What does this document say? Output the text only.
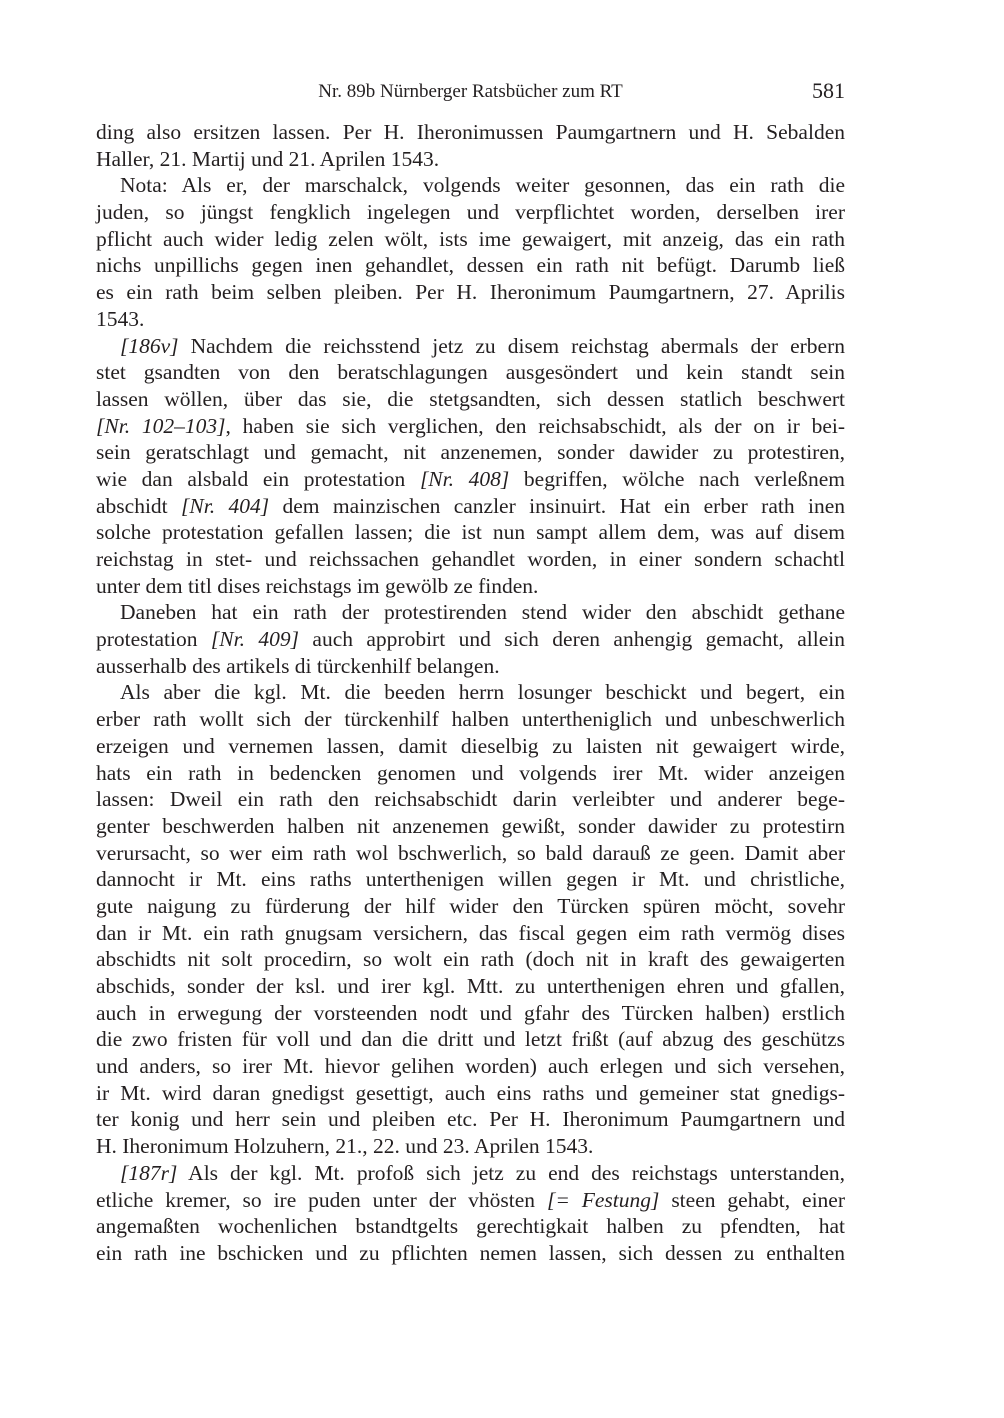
Nr. 89b Nürnberger Ratsbücher zum RT	581
ding also ersitzen lassen. Per H. Iheronimussen Paumgartnern und H. Sebalden
Haller, 21. Martij und 21. Aprilen 1543.
Nota: Als er, der marschalck, volgends weiter gesonnen, das ein rath die
juden, so jüngst fengklich ingelegen und verpflichtet worden, derselben irer
pflicht auch wider ledig zelen wölt, ists ime gewaigert, mit anzeig, das ein rath
nichs unpillichs gegen inen gehandlet, dessen ein rath nit befügt. Darumb ließ
es ein rath beim selben pleiben. Per H. Iheronimum Paumgartnern, 27. Aprilis
1543.
[186v] Nachdem die reichsstend jetz zu disem reichstag abermals der erbern
stet gsandten von den beratschlagungen ausgesöndert und kein standt sein
lassen wöllen, über das sie, die stetgsandten, sich dessen statlich beschwert
[Nr. 102–103], haben sie sich verglichen, den reichsabschidt, als der on ir bei-
sein geratschlagt und gemacht, nit anzenemen, sonder dawider zu protestiren,
wie dan alsbald ein protestation [Nr. 408] begriffen, wölche nach verleßnem
abschidt [Nr. 404] dem mainzischen canzler insinuirt. Hat ein erber rath inen
solche protestation gefallen lassen; die ist nun sampt allem dem, was auf disem
reichstag in stet- und reichssachen gehandlet worden, in einer sondern schachtl
unter dem titl dises reichstags im gewölb ze finden.
Daneben hat ein rath der protestirenden stend wider den abschidt gethane
protestation [Nr. 409] auch approbirt und sich deren anhengig gemacht, allein
ausserhalb des artikels di türckenhilf belangen.
Als aber die kgl. Mt. die beeden herrn losunger beschickt und begert, ein
erber rath wollt sich der türckenhilf halben untertheniglich und unbeschwerlich
erzeigen und vernemen lassen, damit dieselbig zu laisten nit gewaigert wirde,
hats ein rath in bedencken genomen und volgends irer Mt. wider anzeigen
lassen: Dweil ein rath den reichsabschidt darin verleibter und anderer bege-
genter beschwerden halben nit anzenemen gewißt, sonder dawider zu protestirn
verursacht, so wer eim rath wol bschwerlich, so bald darauß ze geen. Damit aber
dannocht ir Mt. eins raths unterthenigen willen gegen ir Mt. und christliche,
gute naigung zu fürderung der hilf wider den Türcken spüren möcht, sovehr
dan ir Mt. ein rath gnugsam versichern, das fiscal gegen eim rath vermög dises
abschidts nit solt procedirn, so wolt ein rath (doch nit in kraft des gewaigerten
abschids, sonder der ksl. und irer kgl. Mtt. zu unterthenigen ehren und gfallen,
auch in erwegung der vorsteenden nodt und gfahr des Türcken halben) erstlich
die zwo fristen für voll und dan die dritt und letzt frißt (auf abzug des geschützs
und anders, so irer Mt. hievor gelihen worden) auch erlegen und sich versehen,
ir Mt. wird daran gnedigst gesettigt, auch eins raths und gemeiner stat gnedigs-
ter konig und herr sein und pleiben etc. Per H. Iheronimum Paumgartnern und
H. Iheronimum Holzuhern, 21., 22. und 23. Aprilen 1543.
[187r] Als der kgl. Mt. profoß sich jetz zu end des reichstags unterstanden,
etliche kremer, so ire puden unter der vhösten [= Festung] steen gehabt, einer
angemaßten wochenlichen bstandtgelts gerechtigkait halben zu pfendten, hat
ein rath ine bschicken und zu pflichten nemen lassen, sich dessen zu enthalten
